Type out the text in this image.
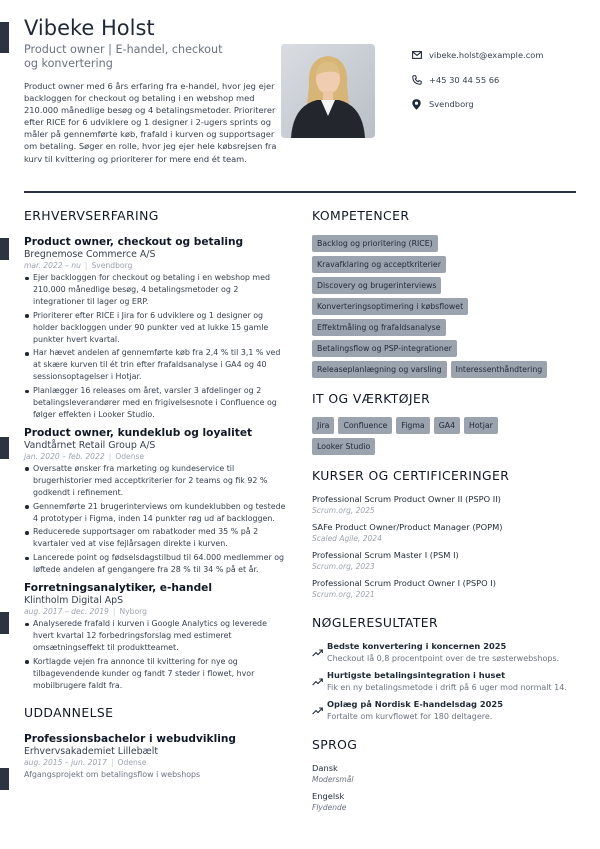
Vibeke Holst
Product owner | E-handel, checkout og konvertering
Product owner med 6 års erfaring fra e-handel, hvor jeg ejer backloggen for checkout og betaling i en webshop med 210.000 månedlige besøg og 4 betalingsmetoder. Prioriterer efter RICE for 6 udviklere og 1 designer i 2-ugers sprints og måler på gennemførte køb, frafald i kurven og supportsager om betaling. Søger en rolle, hvor jeg ejer hele købsrejsen fra kurv til kvittering og prioriterer for mere end ét team.
vibeke.holst@example.com
+45 30 44 55 66
Svendborg
ERHVERVSERFARING
Product owner, checkout og betaling
Bregnemose Commerce A/S
mar. 2022 – nu | Svendborg
Ejer backloggen for checkout og betaling i en webshop med 210.000 månedlige besøg, 4 betalingsmetoder og 2 integrationer til lager og ERP.
Prioriterer efter RICE i Jira for 6 udviklere og 1 designer og holder backloggen under 90 punkter ved at lukke 15 gamle punkter hvert kvartal.
Har hævet andelen af gennemførte køb fra 2,4 % til 3,1 % ved at skære kurven til ét trin efter frafaldsanalyse i GA4 og 40 sessionsoptagelser i Hotjar.
Planlægger 16 releases om året, varsler 3 afdelinger og 2 betalingsleverandører med en frigivelsesnote i Confluence og følger effekten i Looker Studio.
Product owner, kundeklub og loyalitet
Vandtårnet Retail Group A/S
jan. 2020 – feb. 2022 | Odense
Oversatte ønsker fra marketing og kundeservice til brugerhistorier med acceptkriterier for 2 teams og fik 92 % godkendt i refinement.
Gennemførte 21 brugerinterviews om kundeklubben og testede 4 prototyper i Figma, inden 14 punkter røg ud af backloggen.
Reducerede supportsager om rabatkoder med 35 % på 2 kvartaler ved at vise fejlårsagen direkte i kurven.
Lancerede point og fødselsdagstilbud til 64.000 medlemmer og løftede andelen af gengangere fra 28 % til 34 % på et år.
Forretningsanalytiker, e-handel
Klintholm Digital ApS
aug. 2017 – dec. 2019 | Nyborg
Analyserede frafald i kurven i Google Analytics og leverede hvert kvartal 12 forbedringsforslag med estimeret omsætningseffekt til produktteamet.
Kortlagde vejen fra annonce til kvittering for nye og tilbagevendende kunder og fandt 7 steder i flowet, hvor mobilbrugere faldt fra.
UDDANNELSE
Professionsbachelor i webudvikling
Erhvervsakademiet Lillebælt
aug. 2015 – jun. 2017 | Odense
Afgangsprojekt om betalingsflow i webshops
KOMPETENCER
Backlog og prioritering (RICE)
Kravafklaring og acceptkriterier
Discovery og brugerinterviews
Konverteringsoptimering i købsflowet
Effektmåling og frafaldsanalyse
Betalingsflow og PSP-integrationer
Releaseplanlægning og varsling	Interessenthåndtering
IT OG VÆRKTØJER
Jira	Confluence	Figma	GA4	Hotjar
Looker Studio
KURSER OG CERTIFICERINGER
Professional Scrum Product Owner II (PSPO II)
Scrum.org, 2025
SAFe Product Owner/Product Manager (POPM)
Scaled Agile, 2024
Professional Scrum Master I (PSM I)
Scrum.org, 2023
Professional Scrum Product Owner I (PSPO I)
Scrum.org, 2021
NØGLERESULTATER
Bedste konvertering i koncernen 2025
Checkout lå 0,8 procentpoint over de tre søsterwebshops.
Hurtigste betalingsintegration i huset
Fik en ny betalingsmetode i drift på 6 uger mod normalt 14.
Oplæg på Nordisk E-handelsdag 2025
Fortalte om kurvflowet for 180 deltagere.
SPROG
Dansk
Modersmål
Engelsk
Flydende
